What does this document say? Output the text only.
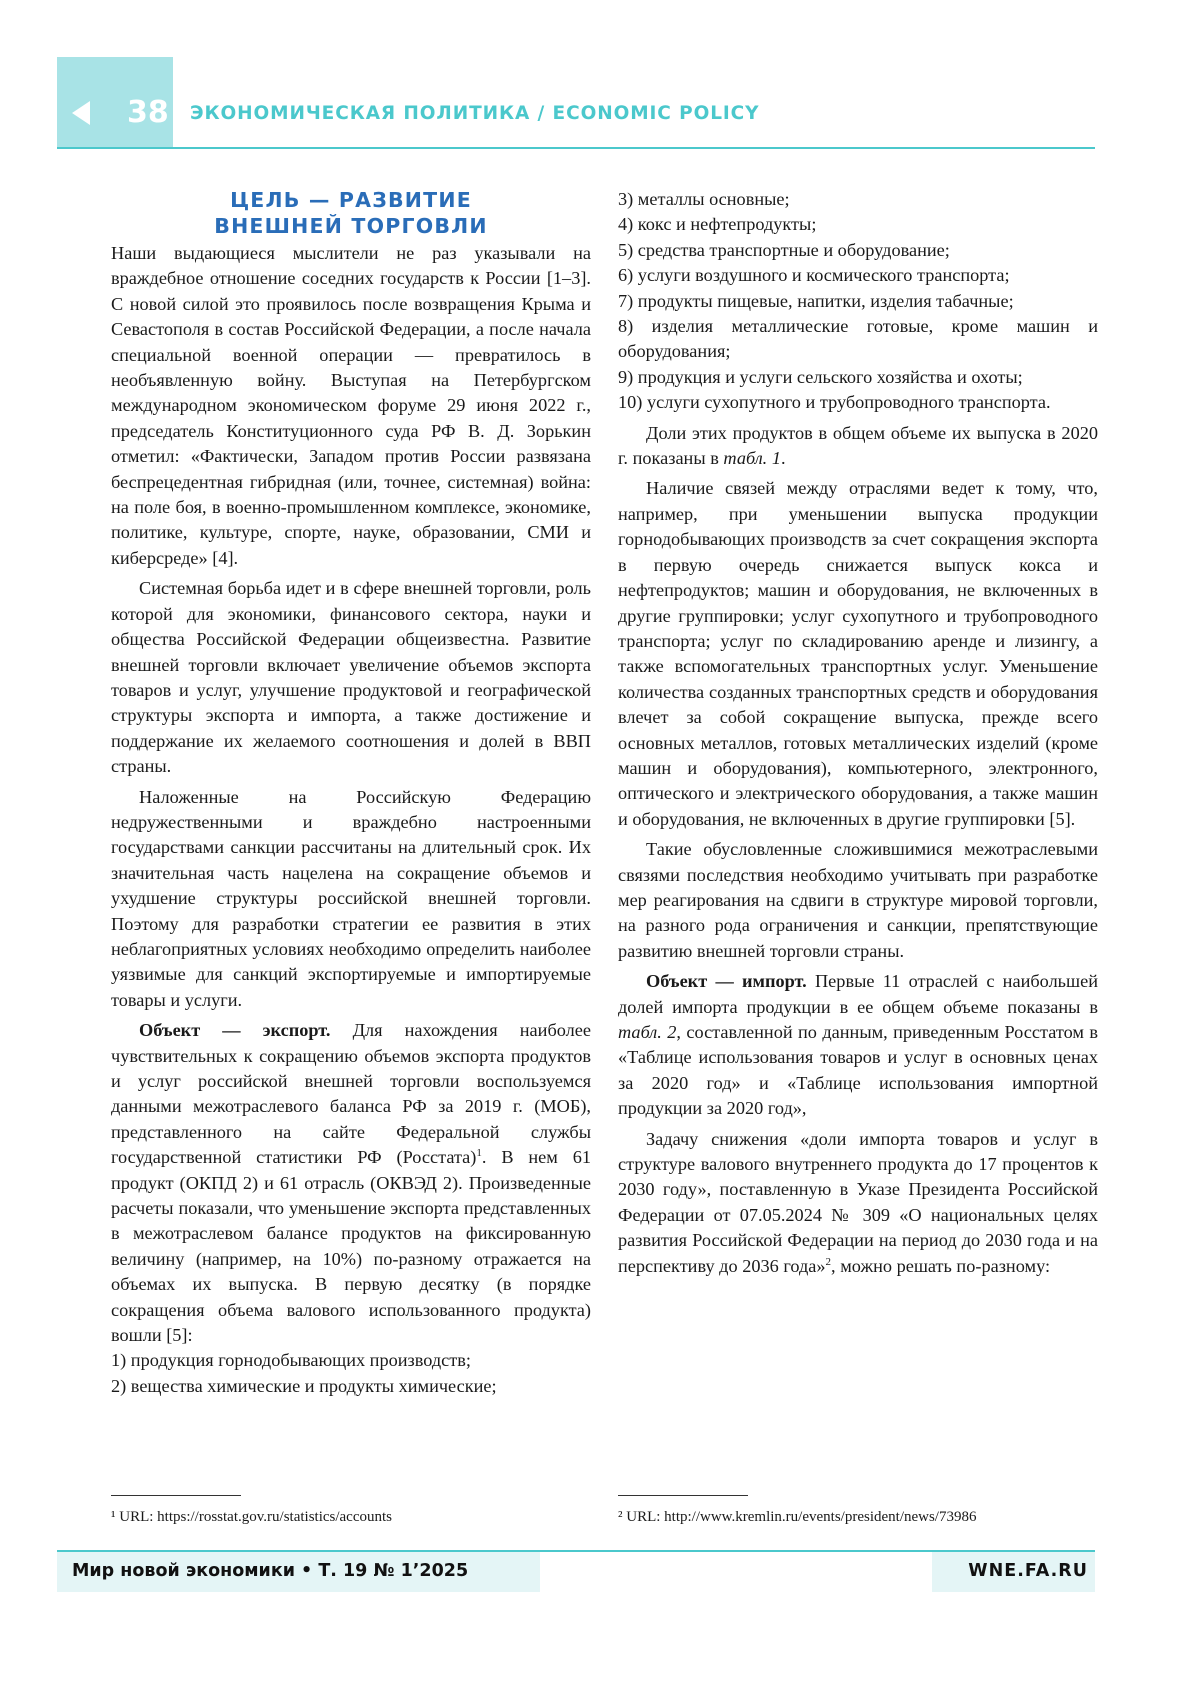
38 ЭКОНОМИЧЕСКАЯ ПОЛИТИКА / ECONOMIC POLICY
ЦЕЛЬ — РАЗВИТИЕ
ВНЕШНЕЙ ТОРГОВЛИ

Наши выдающиеся мыслители не раз указывали на враждебное отношение соседних государств к России [1–3]. С новой силой это проявилось после возвращения Крыма и Севастополя в состав Российской Федерации, а после начала специальной военной операции — превратилось в необъявленную войну. Выступая на Петербургском международном экономическом форуме 29 июня 2022 г., председатель Конституционного суда РФ В. Д. Зорькин отметил: «Фактически, Западом против России развязана беспрецедентная гибридная (или, точнее, системная) война: на поле боя, в военно-промышленном комплексе, экономике, политике, культуре, спорте, науке, образовании, СМИ и киберсреде» [4].

Системная борьба идет и в сфере внешней торговли, роль которой для экономики, финансового сектора, науки и общества Российской Федерации общеизвестна. Развитие внешней торговли включает увеличение объемов экспорта товаров и услуг, улучшение продуктовой и географической структуры экспорта и импорта, а также достижение и поддержание их желаемого соотношения и долей в ВВП страны.

Наложенные на Российскую Федерацию недружественными и враждебно настроенными государствами санкции рассчитаны на длительный срок. Их значительная часть нацелена на сокращение объемов и ухудшение структуры российской внешней торговли. Поэтому для разработки стратегии ее развития в этих неблагоприятных условиях необходимо определить наиболее уязвимые для санкций экспортируемые и импортируемые товары и услуги.

Объект — экспорт. Для нахождения наиболее чувствительных к сокращению объемов экспорта продуктов и услуг российской внешней торговли воспользуемся данными межотраслевого баланса РФ за 2019 г. (МОБ), представленного на сайте Федеральной службы государственной статистики РФ (Росстата)$^1$. В нем 61 продукт (ОКПД 2) и 61 отрасль (ОКВЭД 2). Произведенные расчеты показали, что уменьшение экспорта представленных в межотраслевом балансе продуктов на фиксированную величину (например, на 10%) по-разному отражается на объемах их выпуска. В первую десятку (в порядке сокращения объема валового использованного продукта) вошли [5]:

1) продукция горнодобывающих производств;

2) вещества химические и продукты химические;

3) металлы основные;

4) кокс и нефтепродукты;

5) средства транспортные и оборудование;

6) услуги воздушного и космического транспорта;

7) продукты пищевые, напитки, изделия табачные;

8) изделия металлические готовые, кроме машин и оборудования;

9) продукция и услуги сельского хозяйства и охоты;

10) услуги сухопутного и трубопроводного транспорта.

Доли этих продуктов в общем объеме их выпуска в 2020 г. показаны в табл. 1.

Наличие связей между отраслями ведет к тому, что, например, при уменьшении выпуска продукции горнодобывающих производств за счет сокращения экспорта в первую очередь снижается выпуск кокса и нефтепродуктов; машин и оборудования, не включенных в другие группировки; услуг сухопутного и трубопроводного транспорта; услуг по складированию аренде и лизингу, а также вспомогательных транспортных услуг. Уменьшение количества созданных транспортных средств и оборудования влечет за собой сокращение выпуска, прежде всего основных металлов, готовых металлических изделий (кроме машин и оборудования), компьютерного, электронного, оптического и электрического оборудования, а также машин и оборудования, не включенных в другие группировки [5].

Такие обусловленные сложившимися межотраслевыми связями последствия необходимо учитывать при разработке мер реагирования на сдвиги в структуре мировой торговли, на разного рода ограничения и санкции, препятствующие развитию внешней торговли страны.

Объект — импорт. Первые 11 отраслей с наибольшей долей импорта продукции в ее общем объеме показаны в табл. 2, составленной по данным, приведенным Росстатом в «Таблице использования товаров и услуг в основных ценах за 2020 год» и «Таблице использования импортной продукции за 2020 год»,

Задачу снижения «доли импорта товаров и услуг в структуре валового внутреннего продукта до 17 процентов к 2030 году», поставленную в Указе Президента Российской Федерации от 07.05.2024 № 309 «О национальных целях развития Российской Федерации на период до 2030 года и на перспективу до 2036 года»$^2$, можно решать по-разному:

¹ URL: https://rosstat.gov.ru/statistics/accounts	² URL: http://www.kremlin.ru/events/president/news/73986
Мир новой экономики • Т. 19 № 1’2025	WNE.FA.RU
